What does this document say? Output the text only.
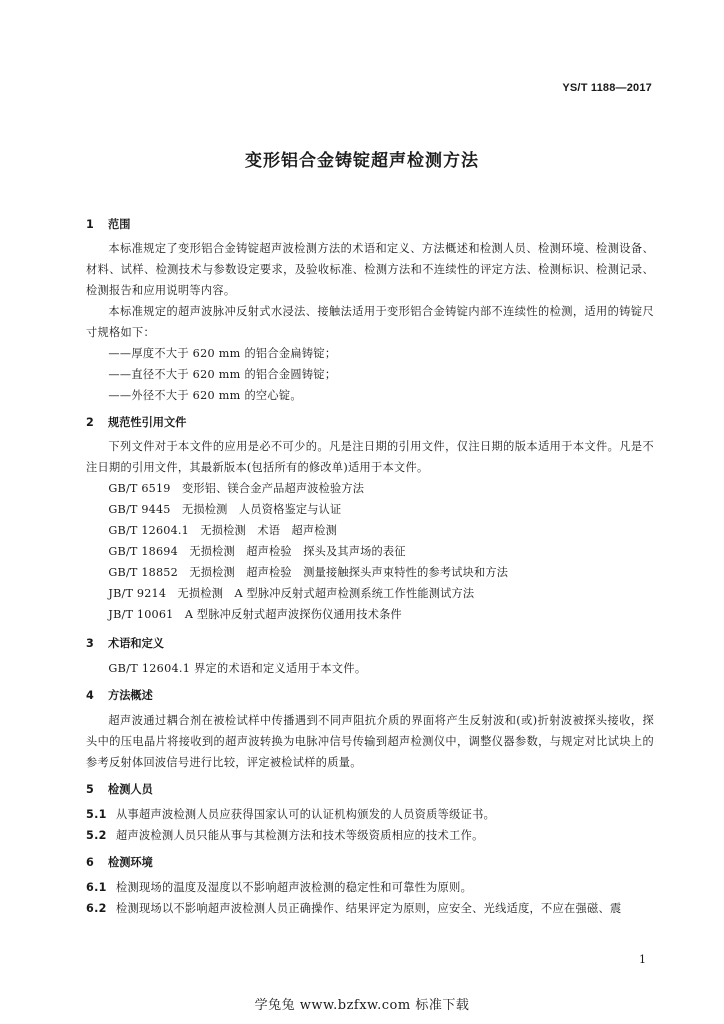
YS/T 1188—2017
变形铝合金铸锭超声检测方法

1 范围

本标准规定了变形铝合金铸锭超声波检测方法的术语和定义、方法概述和检测人员、检测环境、检测设备、材料、试样、检测技术与参数设定要求，及验收标准、检测方法和不连续性的评定方法、检测标识、检测记录、检测报告和应用说明等内容。

本标准规定的超声波脉冲反射式水浸法、接触法适用于变形铝合金铸锭内部不连续性的检测，适用的铸锭尺寸规格如下：

——厚度不大于 620 mm 的铝合金扁铸锭；

——直径不大于 620 mm 的铝合金圆铸锭；

——外径不大于 620 mm 的空心锭。

2 规范性引用文件

下列文件对于本文件的应用是必不可少的。凡是注日期的引用文件，仅注日期的版本适用于本文件。凡是不注日期的引用文件，其最新版本(包括所有的修改单)适用于本文件。

GB/T 6519　变形铝、镁合金产品超声波检验方法

GB/T 9445　无损检测　人员资格鉴定与认证

GB/T 12604.1　无损检测　术语　超声检测

GB/T 18694　无损检测　超声检验　探头及其声场的表征

GB/T 18852　无损检测　超声检验　测量接触探头声束特性的参考试块和方法

JB/T 9214　无损检测　A 型脉冲反射式超声检测系统工作性能测试方法

JB/T 10061　A 型脉冲反射式超声波探伤仪通用技术条件

3 术语和定义

GB/T 12604.1 界定的术语和定义适用于本文件。

4 方法概述

超声波通过耦合剂在被检试样中传播遇到不同声阻抗介质的界面将产生反射波和(或)折射波被探头接收，探头中的压电晶片将接收到的超声波转换为电脉冲信号传输到超声检测仪中，调整仪器参数，与规定对比试块上的参考反射体回波信号进行比较，评定被检试样的质量。

5 检测人员

5.1 从事超声波检测人员应获得国家认可的认证机构颁发的人员资质等级证书。

5.2 超声波检测人员只能从事与其检测方法和技术等级资质相应的技术工作。

6 检测环境

6.1 检测现场的温度及湿度以不影响超声波检测的稳定性和可靠性为原则。

6.2 检测现场以不影响超声波检测人员正确操作、结果评定为原则，应安全、光线适度，不应在强磁、震

1
学兔兔 www.bzfxw.com 标准下载
